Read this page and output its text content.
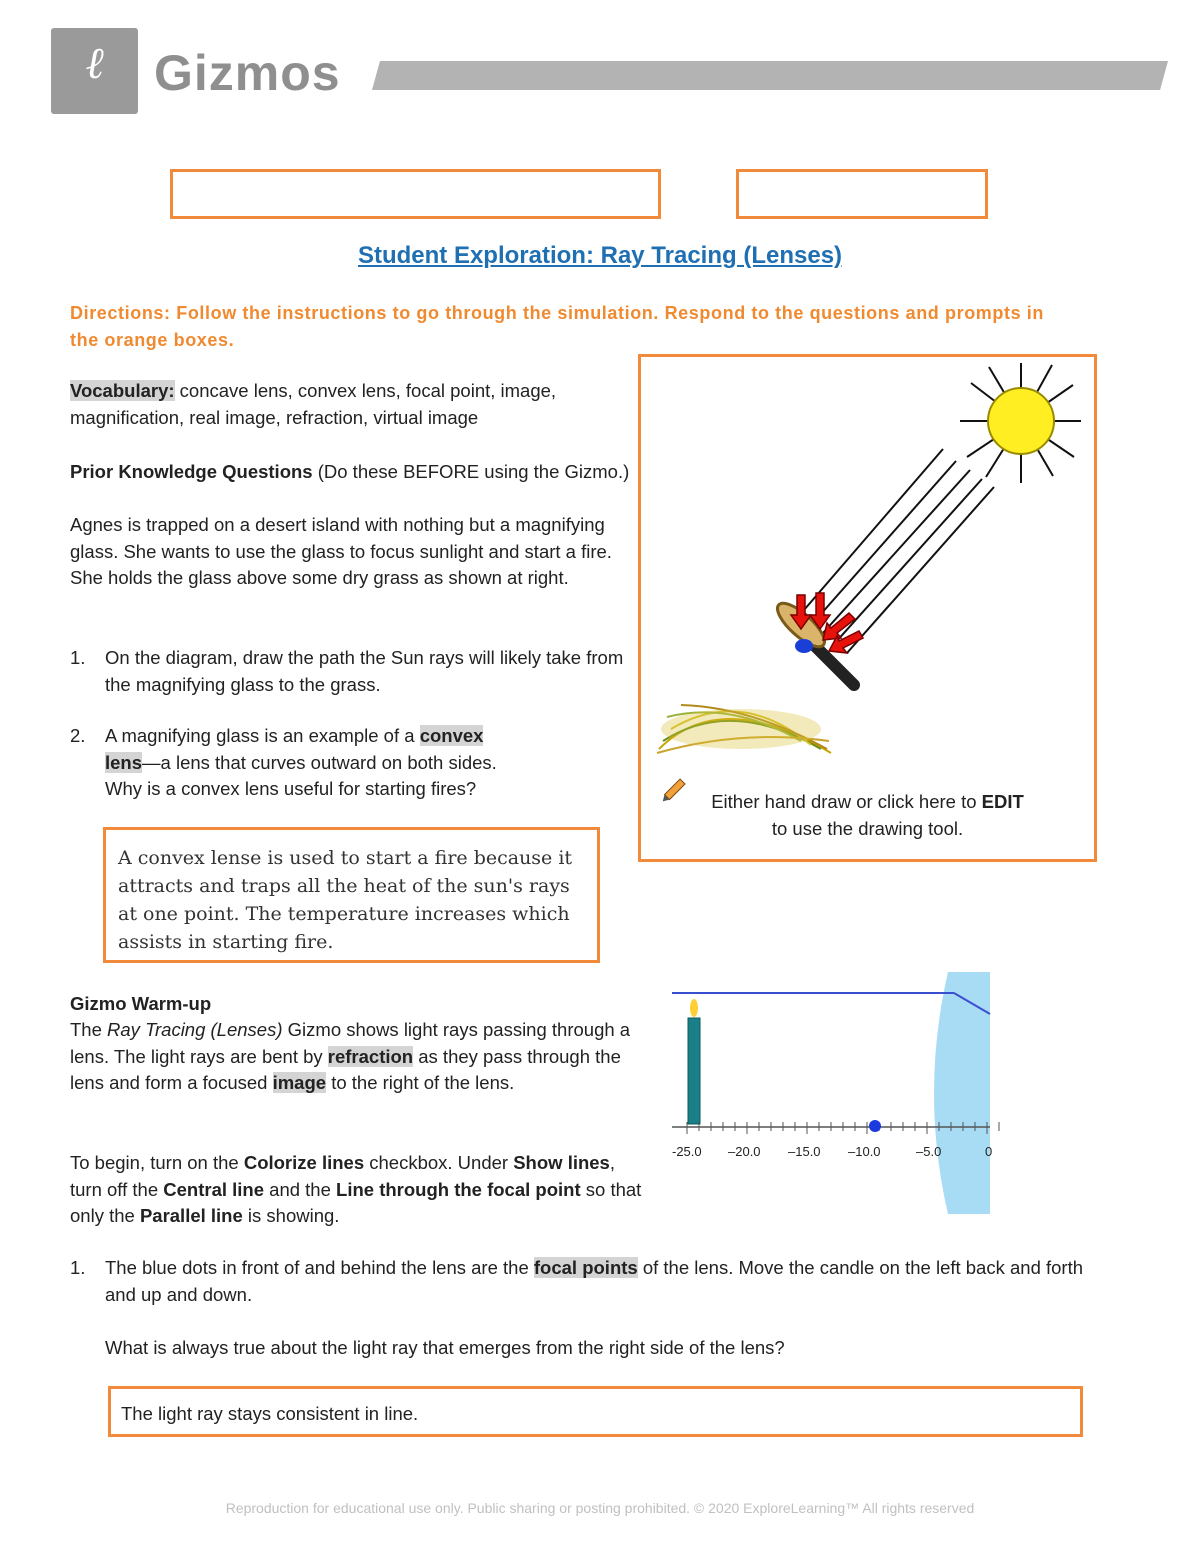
ℓ	Gizmos
Student Exploration: Ray Tracing (Lenses)
Directions: Follow the instructions to go through the simulation. Respond to the questions and prompts in the orange boxes.
Vocabulary: concave lens, convex lens, focal point, image, magnification, real image, refraction, virtual image
Prior Knowledge Questions (Do these BEFORE using the Gizmo.)
Agnes is trapped on a desert island with nothing but a magnifying glass. She wants to use the glass to focus sunlight and start a fire. She holds the glass above some dry grass as shown at right.
1.	On the diagram, draw the path the Sun rays will likely take from the magnifying glass to the grass.
2.	A magnifying glass is an example of a convex
lens—a lens that curves outward on both sides.
Why is a convex lens useful for starting fires?
A convex lense is used to start a fire because it attracts and traps all the heat of the sun's rays at one point. The temperature increases which assists in starting fire.
Either hand draw or click here to EDIT
to use the drawing tool.
Gizmo Warm-up
The Ray Tracing (Lenses) Gizmo shows light rays passing through a lens. The light rays are bent by refraction as they pass through the lens and form a focused image to the right of the lens.
To begin, turn on the Colorize lines checkbox. Under Show lines, turn off the Central line and the Line through the focal point so that only the Parallel line is showing.
-25.0 ‒20.0 ‒15.0 ‒10.0	‒5.0	0
1.	The blue dots in front of and behind the lens are the focal points of the lens. Move the candle on the left back and forth and up and down.
What is always true about the light ray that emerges from the right side of the lens?
The light ray stays consistent in line.
Reproduction for educational use only. Public sharing or posting prohibited. © 2020 ExploreLearning™ All rights reserved
